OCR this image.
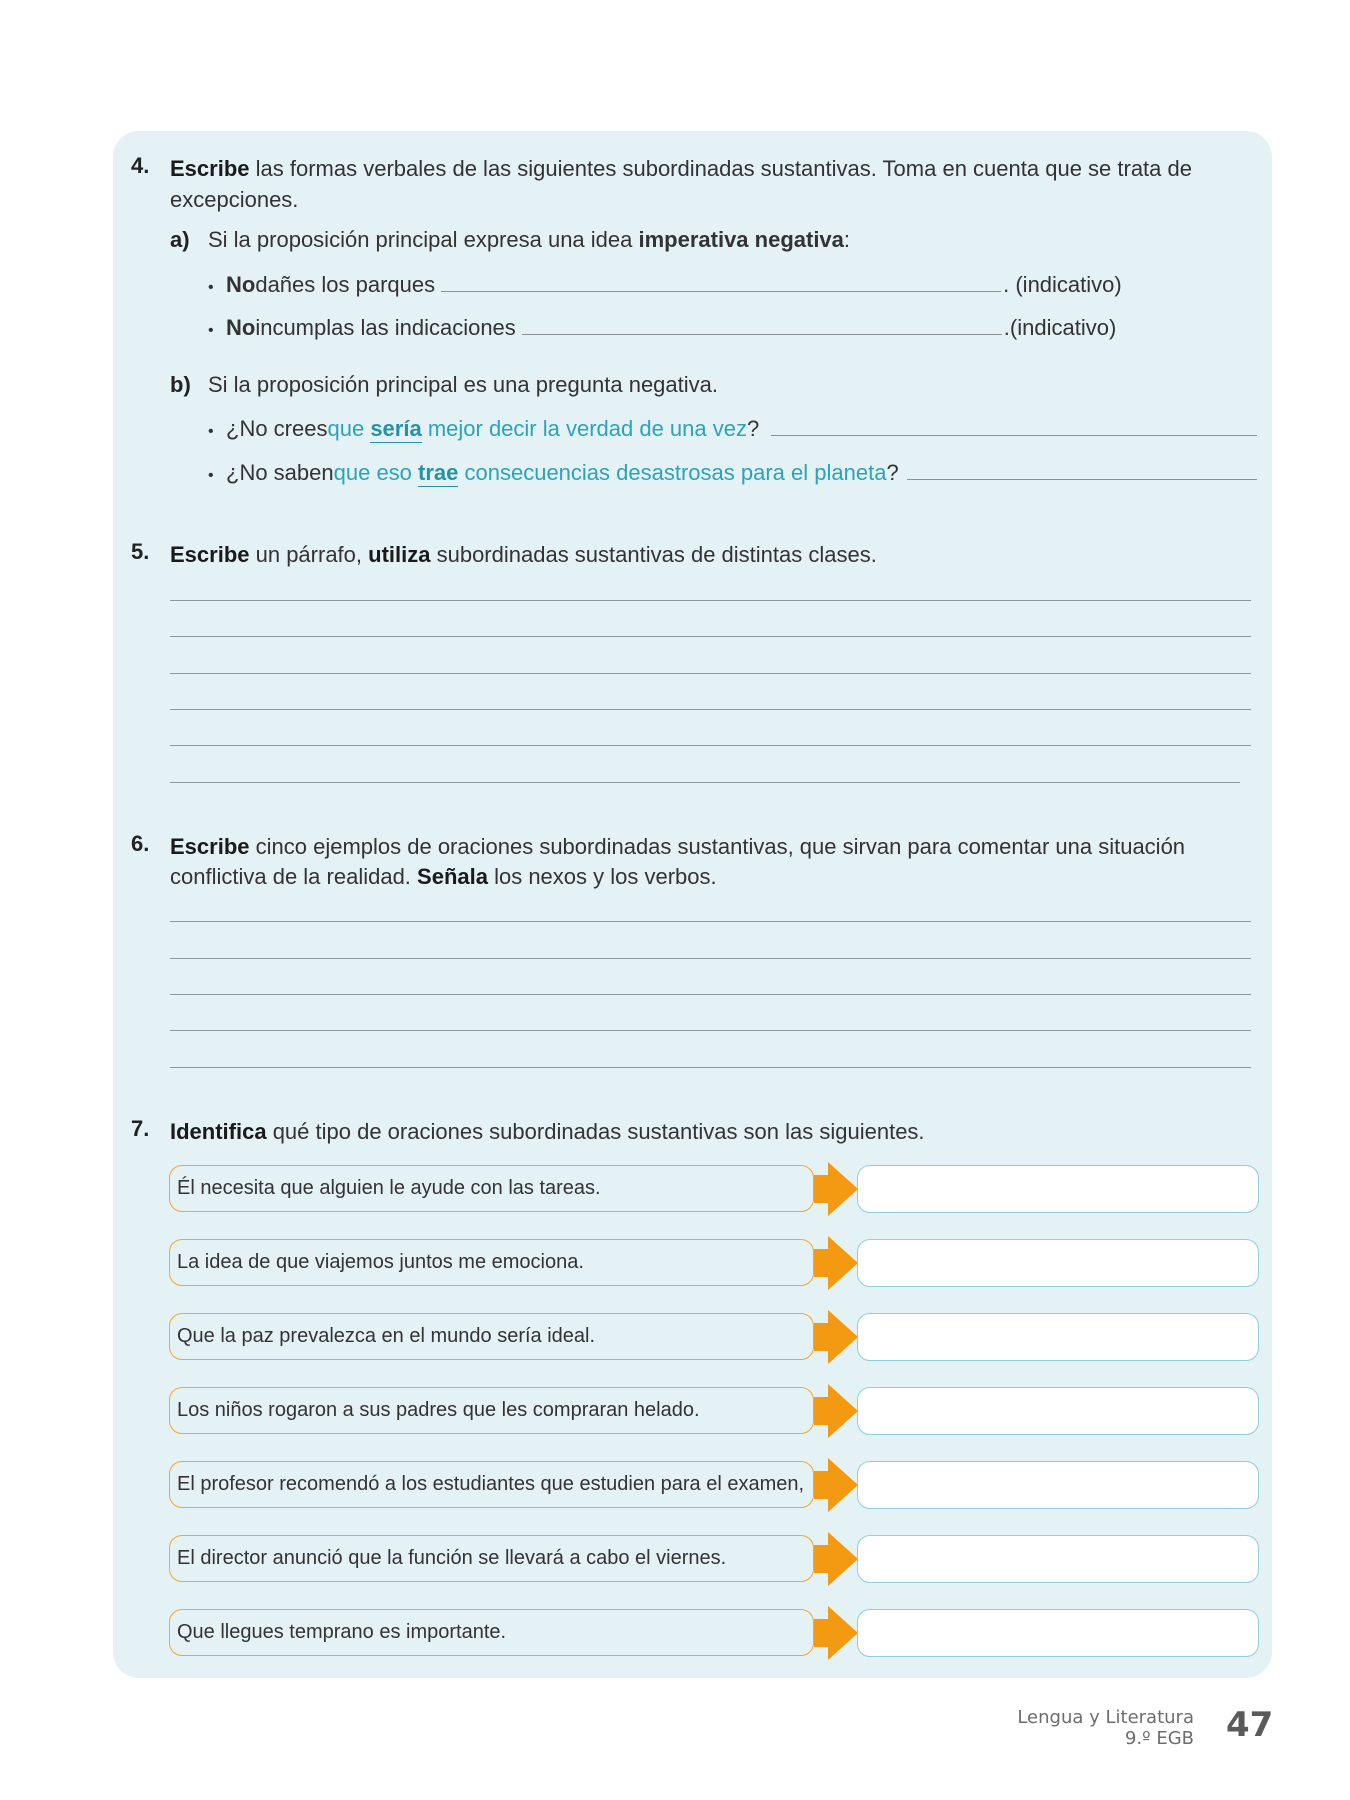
4. Escribe las formas verbales de las siguientes subordinadas sustantivas. Toma en cuenta que se trata de
excepciones.
a) Si la proposición principal expresa una idea imperativa negativa:
• No dañes los parques	. (indicativo)
• No incumplas las indicaciones	.(indicativo)
b) Si la proposición principal es una pregunta negativa.
• ¿No crees que sería mejor decir la verdad de una vez ?
• ¿No saben que eso trae consecuencias desastrosas para el planeta ?
5. Escribe un párrafo, utiliza subordinadas sustantivas de distintas clases.
6. Escribe cinco ejemplos de oraciones subordinadas sustantivas, que sirvan para comentar una situación
conflictiva de la realidad. Señala los nexos y los verbos.
7. Identifica qué tipo de oraciones subordinadas sustantivas son las siguientes.
Él necesita que alguien le ayude con las tareas.
La idea de que viajemos juntos me emociona.
Que la paz prevalezca en el mundo sería ideal.
Los niños rogaron a sus padres que les compraran helado.
El profesor recomendó a los estudiantes que estudien para el examen,
El director anunció que la función se llevará a cabo el viernes.
Que llegues temprano es importante.
Lengua y Literatura
9.º EGB 47
